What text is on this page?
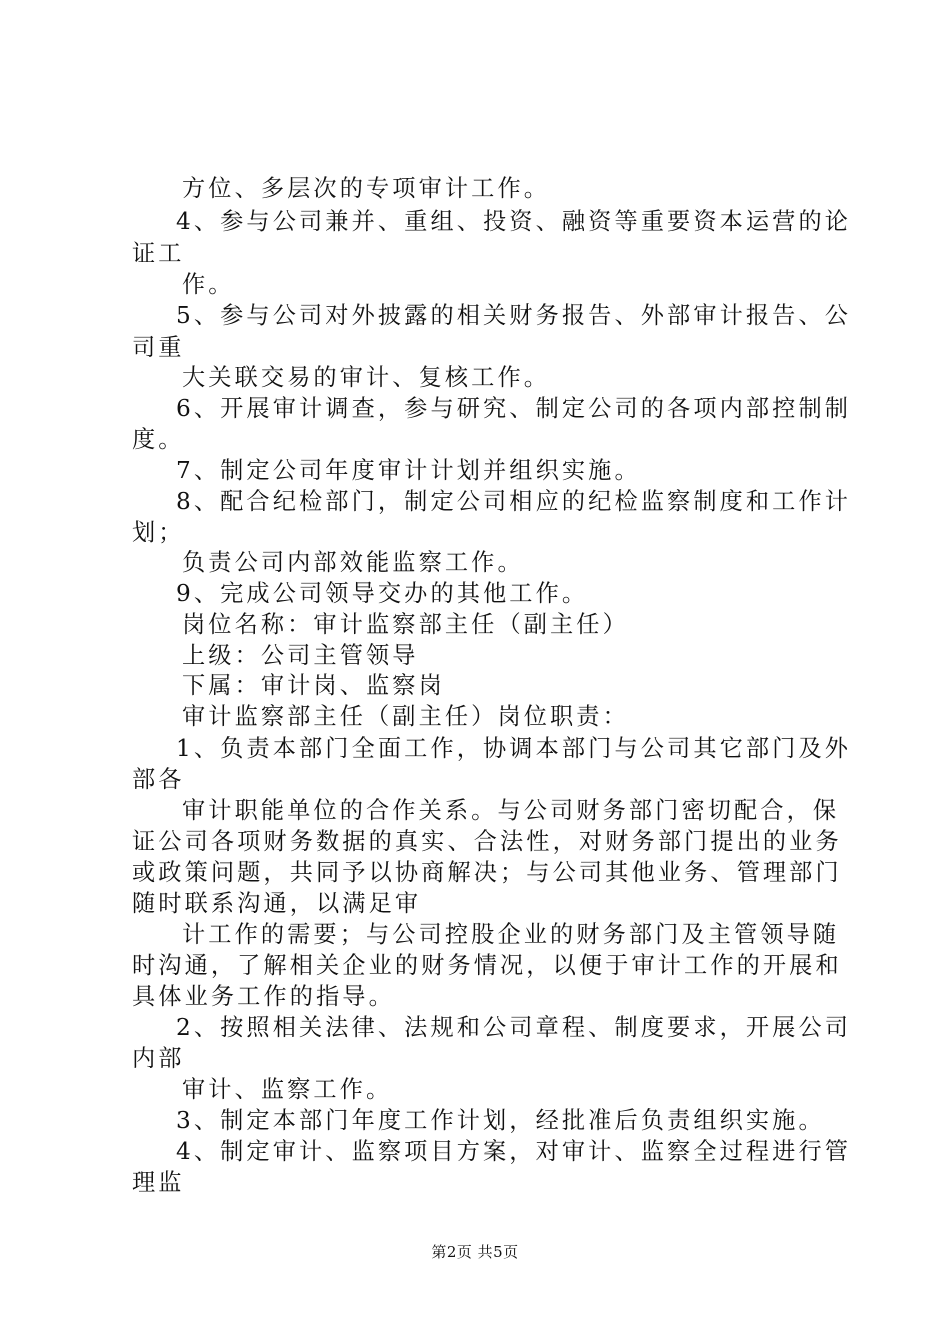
方位、多层次的专项审计工作。
4、参与公司兼并、重组、投资、融资等重要资本运营的论
证工
作。
5、参与公司对外披露的相关财务报告、外部审计报告、公
司重
大关联交易的审计、复核工作。
6、开展审计调查，参与研究、制定公司的各项内部控制制
度。
7、制定公司年度审计计划并组织实施。
8、配合纪检部门，制定公司相应的纪检监察制度和工作计
划；
负责公司内部效能监察工作。
9、完成公司领导交办的其他工作。
岗位名称：审计监察部主任（副主任）
上级：公司主管领导
下属：审计岗、监察岗
审计监察部主任（副主任）岗位职责：
1、负责本部门全面工作，协调本部门与公司其它部门及外
部各
审计职能单位的合作关系。与公司财务部门密切配合，保
证公司各项财务数据的真实、合法性，对财务部门提出的业务
或政策问题，共同予以协商解决；与公司其他业务、管理部门
随时联系沟通，以满足审
计工作的需要；与公司控股企业的财务部门及主管领导随
时沟通，了解相关企业的财务情况，以便于审计工作的开展和
具体业务工作的指导。
2、按照相关法律、法规和公司章程、制度要求，开展公司
内部
审计、监察工作。
3、制定本部门年度工作计划，经批准后负责组织实施。
4、制定审计、监察项目方案，对审计、监察全过程进行管
理监
第2页 共5页
